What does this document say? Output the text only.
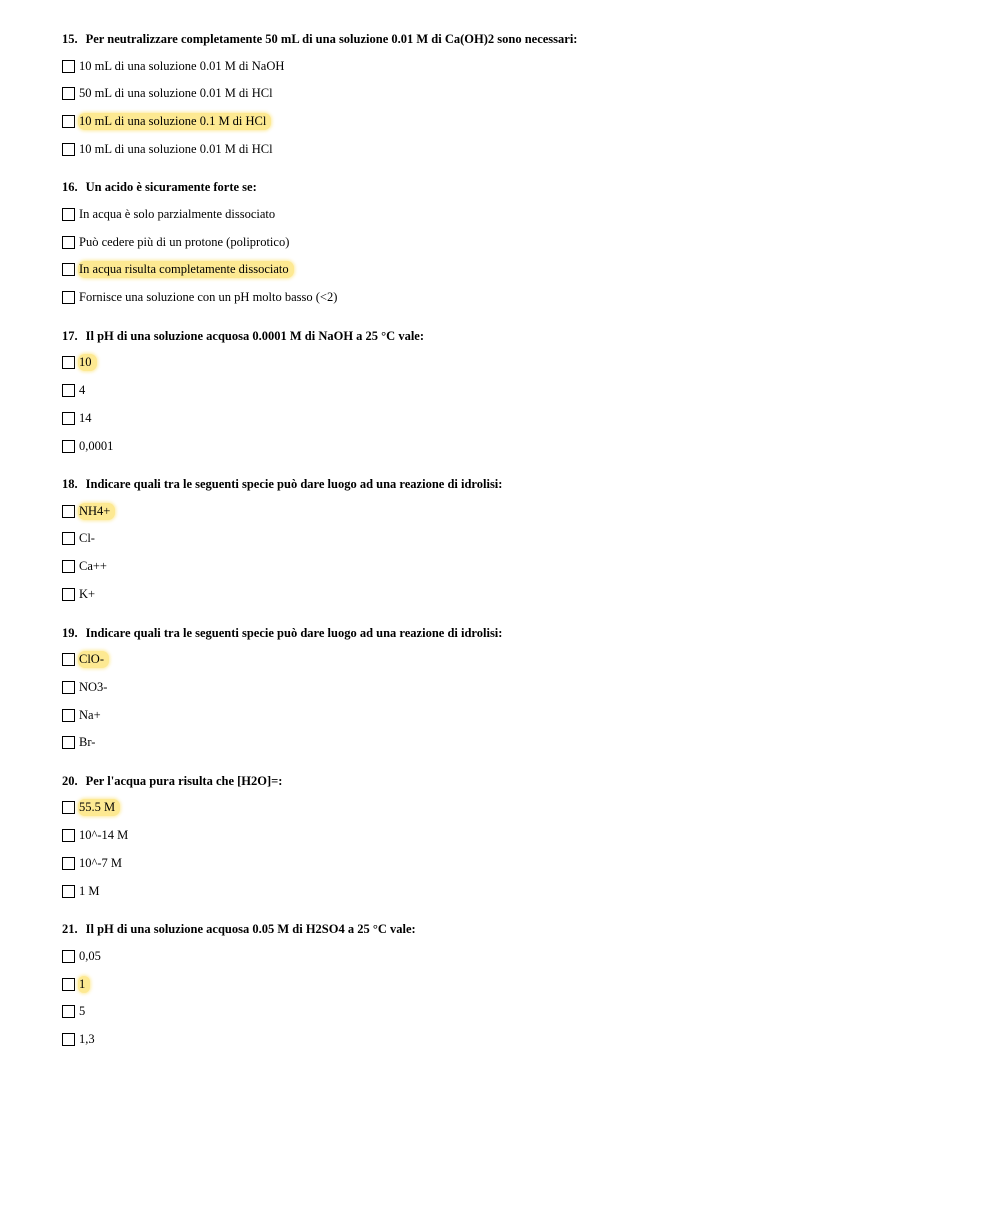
15. Per neutralizzare completamente 50 mL di una soluzione 0.01 M di Ca(OH)2 sono necessari:
10 mL di una soluzione 0.01 M di NaOH
50 mL di una soluzione 0.01 M di HCl
10 mL di una soluzione 0.1 M di HCl
10 mL di una soluzione 0.01 M di HCl
16. Un acido è sicuramente forte se:
In acqua è solo parzialmente dissociato
Può cedere più di un protone (poliprotico)
In acqua risulta completamente dissociato
Fornisce una soluzione con un pH molto basso (<2)
17. Il pH di una soluzione acquosa 0.0001 M di NaOH a 25 °C vale:
10
4
14
0,0001
18. Indicare quali tra le seguenti specie può dare luogo ad una reazione di idrolisi:
NH4+
Cl-
Ca++
K+
19. Indicare quali tra le seguenti specie può dare luogo ad una reazione di idrolisi:
ClO-
NO3-
Na+
Br-
20. Per l'acqua pura risulta che [H2O]=:
55.5 M
10^-14 M
10^-7 M
1 M
21. Il pH di una soluzione acquosa 0.05 M di H2SO4 a 25 °C vale:
0,05
1
5
1,3
